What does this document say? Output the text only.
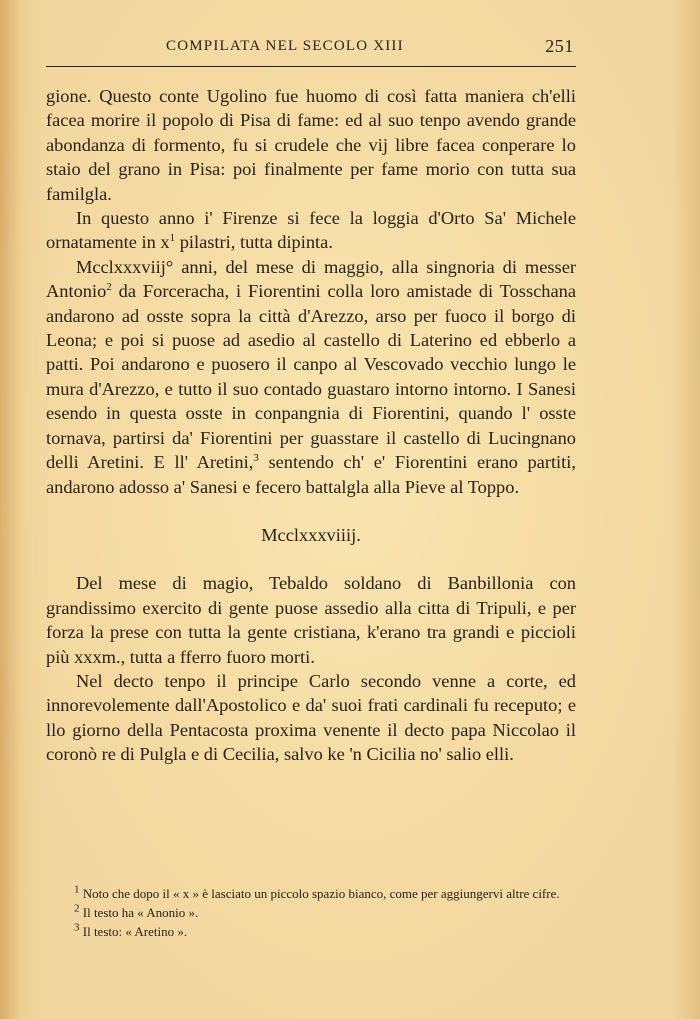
COMPILATA NEL SECOLO XIII	251

gione. Questo conte Ugolino fue huomo di così fatta maniera ch'elli facea morire il popolo di Pisa di fame: ed al suo tenpo avendo grande abondanza di formento, fu si crudele che vij libre facea conperare lo staio del grano in Pisa: poi finalmente per fame morio con tutta sua familgla.

In questo anno i' Firenze si fece la loggia d'Orto Sa' Michele ornatamente in $x^1$ pilastri, tutta dipinta.

Mcclxxxviij° anni, del mese di maggio, alla singnoria di messer Antonio$^2$ da Forceracha, i Fiorentini colla loro amistade di Tosschana andarono ad osste sopra la città d'Arezzo, arso per fuoco il borgo di Leona; e poi si puose ad asedio al castello di Laterino ed ebberlo a patti. Poi andarono e puosero il canpo al Vescovado vecchio lungo le mura d'Arezzo, e tutto il suo contado guastaro intorno intorno. I Sanesi esendo in questa osste in conpangnia di Fiorentini, quando l' osste tornava, partirsi da' Fiorentini per guasstare il castello di Lucingnano delli Aretini. E ll' Aretini,$^3$ sentendo ch' e' Fiorentini erano partiti, andarono adosso a' Sanesi e fecero battalgla alla Pieve al Toppo.

Mcclxxxviiij.

Del mese di magio, Tebaldo soldano di Banbillonia con grandissimo exercito di gente puose assedio alla citta di Tripuli, e per forza la prese con tutta la gente cristiana, k'erano tra grandi e piccioli più xxxm., tutta a fferro fuoro morti.

Nel decto tenpo il principe Carlo secondo venne a corte, ed innorevolemente dall'Apostolico e da' suoi frati cardinali fu receputo; e llo giorno della Pentacosta proxima venente il decto papa Niccolao il coronò re di Pulgla e di Cecilia, salvo ke 'n Cicilia no' salio elli.

$^1$ Noto che dopo il « x » è lasciato un piccolo spazio bianco, come per aggiungervi altre cifre.

$^2$ Il testo ha « Anonio ».

$^3$ Il testo: « Aretino ».
